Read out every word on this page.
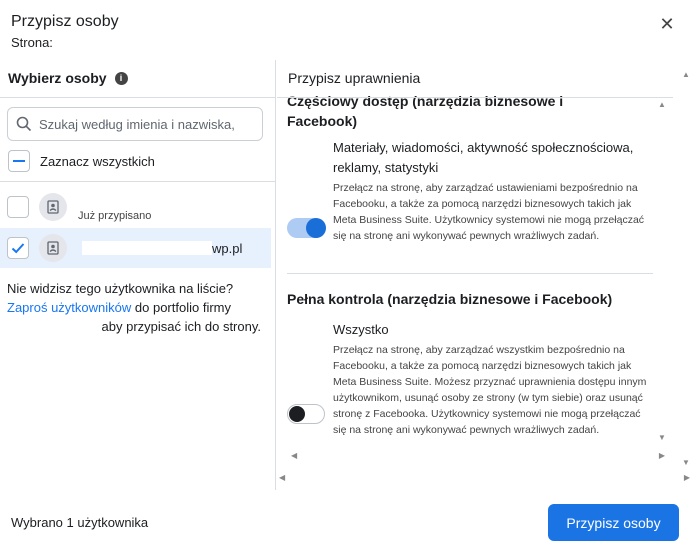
Przypisz osoby
Strona:
✕
Wybierz osoby	i
Szukaj według imienia i nazwiska,
Zaznacz wszystkich
Już przypisano
wp.pl
Nie widzisz tego użytkownika na liście?
Zaproś użytkowników do portfolio firmy
aby przypisać ich do strony.
Przypisz uprawnienia
Częściowy dostęp (narzędzia biznesowe i Facebook)
Materiały, wiadomości, aktywność społecznościowa, reklamy, statystyki
Przełącz na stronę, aby zarządzać ustawieniami bezpośrednio na Facebooku, a także za pomocą narzędzi biznesowych takich jak Meta Business Suite. Użytkownicy systemowi nie mogą przełączać się na stronę ani wykonywać pewnych wrażliwych zadań.
Pełna kontrola (narzędzia biznesowe i Facebook)
Wszystko
Przełącz na stronę, aby zarządzać wszystkim bezpośrednio na Facebooku, a także za pomocą narzędzi biznesowych takich jak Meta Business Suite. Możesz przyznać uprawnienia dostępu innym użytkownikom, usunąć osoby ze strony (w tym siebie) oraz usunąć stronę z Facebooka. Użytkownicy systemowi nie mogą przełączać się na stronę ani wykonywać pewnych wrażliwych zadań.
▲
▼
◀	▶
▲
▼
◀	▶
Wybrano 1 użytkownika	Przypisz osoby
